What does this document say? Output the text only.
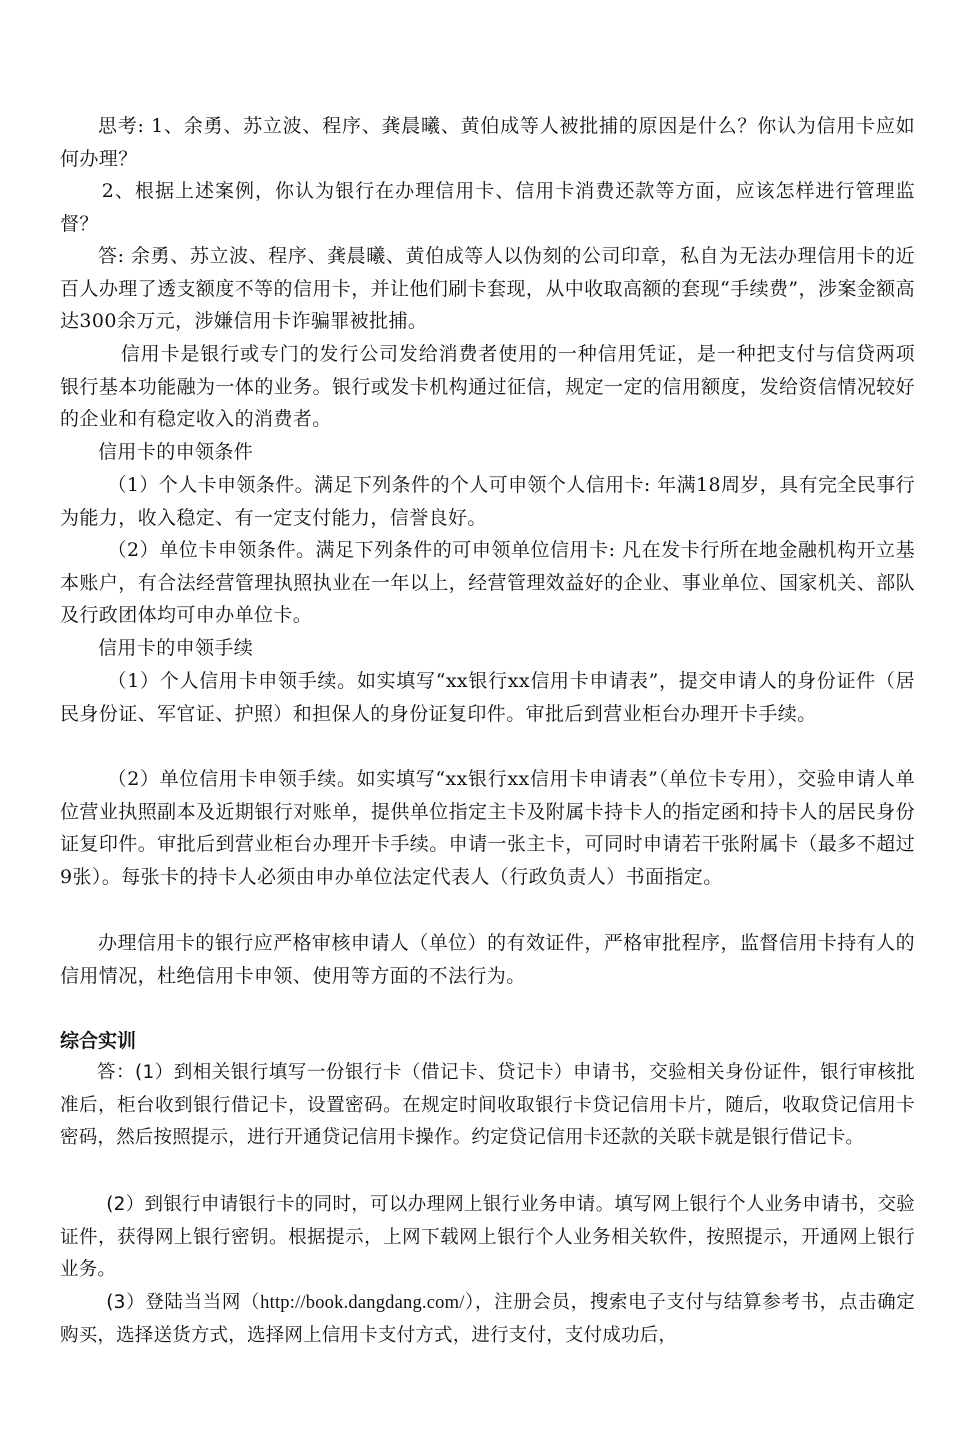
思考: 1、余勇、苏立波、程序、龚晨曦、黄伯成等人被批捕的原因是什么？你认为信用卡应如何办理？
2、根据上述案例，你认为银行在办理信用卡、信用卡消费还款等方面，应该怎样进行管理监督？
答: 余勇、苏立波、程序、龚晨曦、黄伯成等人以伪刻的公司印章，私自为无法办理信用卡的近百人办理了透支额度不等的信用卡，并让他们刷卡套现，从中收取高额的套现“手续费”，涉案金额高达300余万元，涉嫌信用卡诈骗罪被批捕。
信用卡是银行或专门的发行公司发给消费者使用的一种信用凭证，是一种把支付与信贷两项银行基本功能融为一体的业务。银行或发卡机构通过征信，规定一定的信用额度，发给资信情况较好的企业和有稳定收入的消费者。
信用卡的申领条件
（1）个人卡申领条件。满足下列条件的个人可申领个人信用卡: 年满18周岁，具有完全民事行为能力，收入稳定、有一定支付能力，信誉良好。
（2）单位卡申领条件。满足下列条件的可申领单位信用卡: 凡在发卡行所在地金融机构开立基本账户，有合法经营管理执照执业在一年以上，经营管理效益好的企业、事业单位、国家机关、部队及行政团体均可申办单位卡。
信用卡的申领手续
（1）个人信用卡申领手续。如实填写“xx银行xx信用卡申请表”，提交申请人的身份证件（居民身份证、军官证、护照）和担保人的身份证复印件。审批后到营业柜台办理开卡手续。
（2）单位信用卡申领手续。如实填写“xx银行xx信用卡申请表”（单位卡专用），交验申请人单位营业执照副本及近期银行对账单，提供单位指定主卡及附属卡持卡人的指定函和持卡人的居民身份证复印件。审批后到营业柜台办理开卡手续。申请一张主卡，可同时申请若干张附属卡（最多不超过9张）。每张卡的持卡人必须由申办单位法定代表人（行政负责人）书面指定。
办理信用卡的银行应严格审核申请人（单位）的有效证件，严格审批程序，监督信用卡持有人的信用情况，杜绝信用卡申领、使用等方面的不法行为。
综合实训
答：(1）到相关银行填写一份银行卡（借记卡、贷记卡）申请书，交验相关身份证件，银行审核批准后，柜台收到银行借记卡，设置密码。在规定时间收取银行卡贷记信用卡片，随后，收取贷记信用卡密码，然后按照提示，进行开通贷记信用卡操作。约定贷记信用卡还款的关联卡就是银行借记卡。
(2）到银行申请银行卡的同时，可以办理网上银行业务申请。填写网上银行个人业务申请书，交验证件，获得网上银行密钥。根据提示，上网下载网上银行个人业务相关软件，按照提示，开通网上银行业务。
(3）登陆当当网（http://book.dangdang.com/），注册会员，搜索电子支付与结算参考书，点击确定购买，选择送货方式，选择网上信用卡支付方式，进行支付，支付成功后，
